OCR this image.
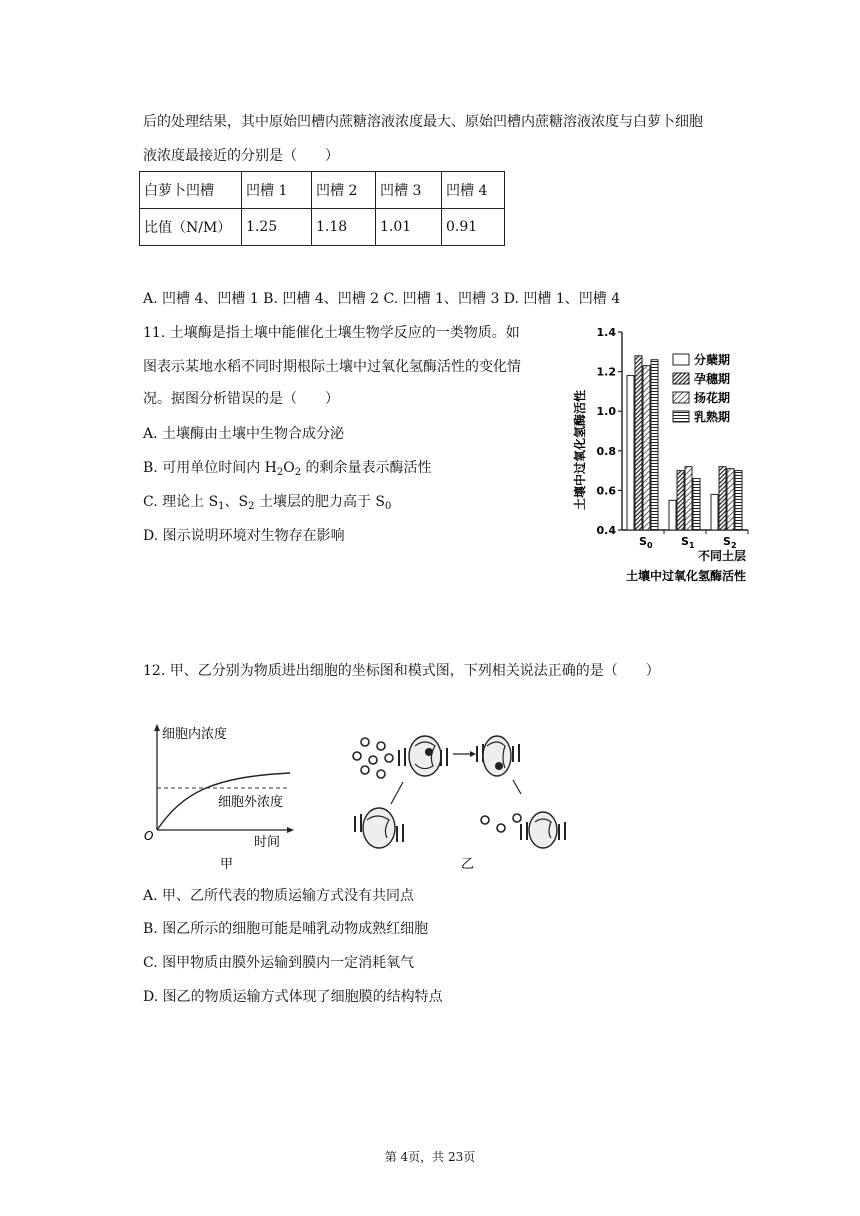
后的处理结果，其中原始凹槽内蔗糖溶液浓度最大、原始凹槽内蔗糖溶液浓度与白萝卜细胞
液浓度最接近的分别是（　　）
白萝卜凹槽	凹槽 1	凹槽 2	凹槽 3	凹槽 4
比值（N/M）	1.25	1.18	1.01	0.91
A. 凹槽 4、凹槽 1 B. 凹槽 4、凹槽 2 C. 凹槽 1、凹槽 3 D. 凹槽 1、凹槽 4
11. 土壤酶是指土壤中能催化土壤生物学反应的一类物质。如
图表示某地水稻不同时期根际土壤中过氧化氢酶活性的变化情
况。据图分析错误的是（　　）
A. 土壤酶由土壤中生物合成分泌
B. 可用单位时间内 $H_2O_2$ 的剩余量表示酶活性
C. 理论上 $S_1$、$S_2$ 土壤层的肥力高于 $S_0$
D. 图示说明环境对生物存在影响	0.4
0.6
0.8
1.0
1.2
1.4
$S_0$	$S_1$	$S_2$
分蘖期
孕穗期
扬花期
乳熟期
土壤中过氧化氢酶活性
不同土层
土壤中过氧化氢酶活性
12. 甲、乙分别为物质进出细胞的坐标图和模式图，下列相关说法正确的是（　　）
细胞内浓度
细胞外浓度
时间
O
甲	乙
A. 甲、乙所代表的物质运输方式没有共同点
B. 图乙所示的细胞可能是哺乳动物成熟红细胞
C. 图甲物质由膜外运输到膜内一定消耗氧气
D. 图乙的物质运输方式体现了细胞膜的结构特点
第 4页，共 23页
